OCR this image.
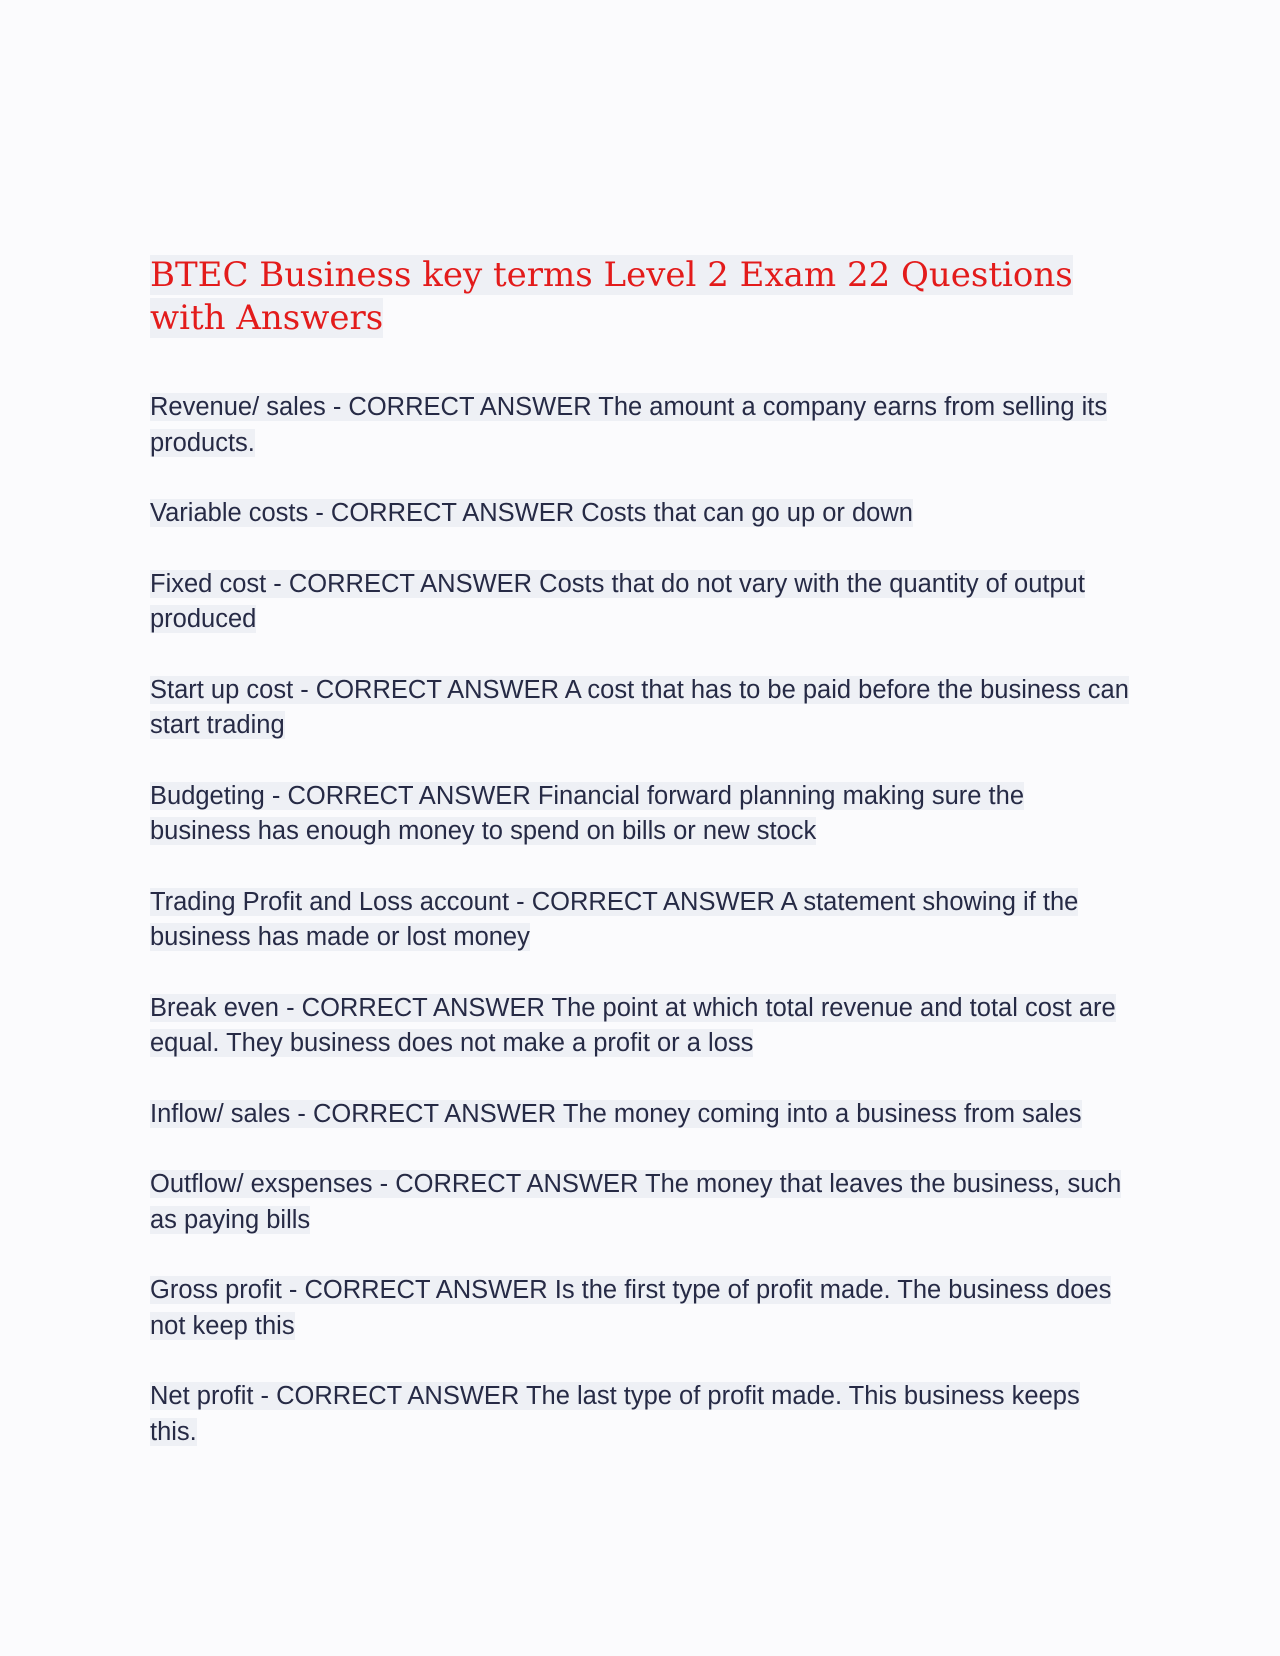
BTEC Business key terms Level 2 Exam 22 Questions with Answers

Revenue/ sales - CORRECT ANSWER The amount a company earns from selling its products.

Variable costs - CORRECT ANSWER Costs that can go up or down

Fixed cost - CORRECT ANSWER Costs that do not vary with the quantity of output produced

Start up cost - CORRECT ANSWER A cost that has to be paid before the business can start trading

Budgeting - CORRECT ANSWER Financial forward planning making sure the business has enough money to spend on bills or new stock

Trading Profit and Loss account - CORRECT ANSWER A statement showing if the business has made or lost money

Break even - CORRECT ANSWER The point at which total revenue and total cost are equal. They business does not make a profit or a loss

Inflow/ sales - CORRECT ANSWER The money coming into a business from sales

Outflow/ exspenses - CORRECT ANSWER The money that leaves the business, such as paying bills

Gross profit - CORRECT ANSWER Is the first type of profit made. The business does not keep this

Net profit - CORRECT ANSWER The last type of profit made. This business keeps this.
